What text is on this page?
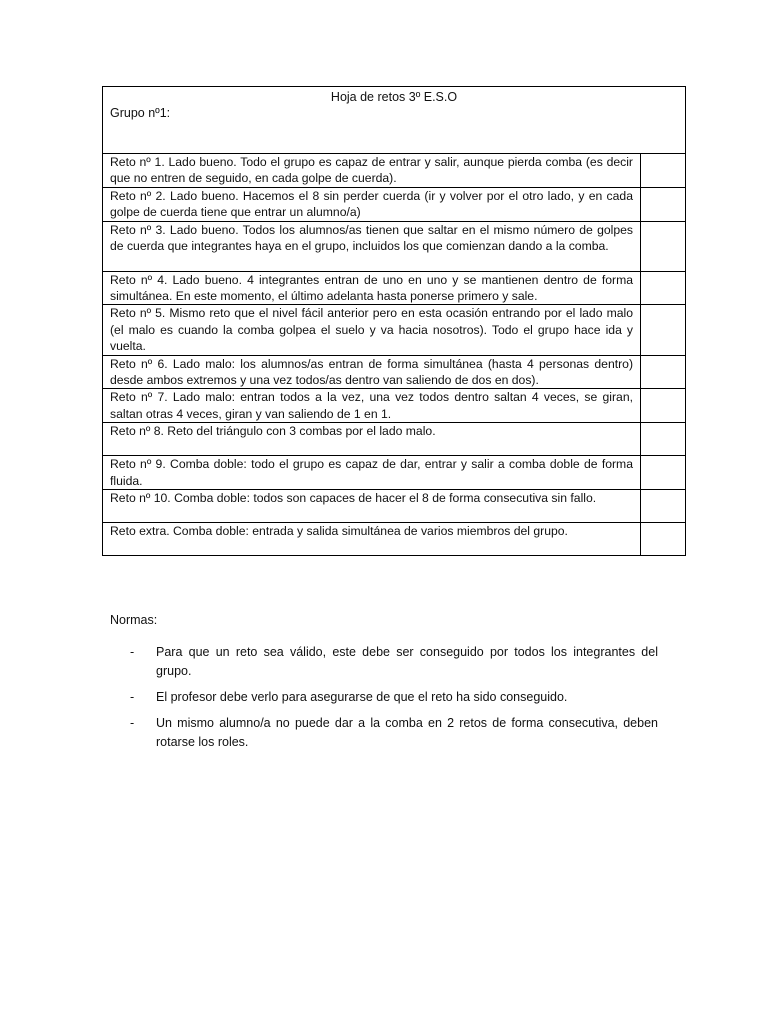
Hoja de retos 3º E.S.O
Grupo nº1:	

Reto nº 1. Lado bueno. Todo el grupo es capaz de entrar y salir, aunque pierda comba (es decir que no entren de seguido, en cada golpe de cuerda).	
Reto nº 2. Lado bueno. Hacemos el 8 sin perder cuerda (ir y volver por el otro lado, y en cada golpe de cuerda tiene que entrar un alumno/a)	
Reto nº 3. Lado bueno. Todos los alumnos/as tienen que saltar en el mismo número de golpes de cuerda que integrantes haya en el grupo, incluidos los que comienzan dando a la comba.	
Reto nº 4. Lado bueno. 4 integrantes entran de uno en uno y se mantienen dentro de forma simultánea. En este momento, el último adelanta hasta ponerse primero y sale.	
Reto nº 5. Mismo reto que el nivel fácil anterior pero en esta ocasión entrando por el lado malo (el malo es cuando la comba golpea el suelo y va hacia nosotros). Todo el grupo hace ida y vuelta.	
Reto nº 6. Lado malo: los alumnos/as entran de forma simultánea (hasta 4 personas dentro) desde ambos extremos y una vez todos/as dentro van saliendo de dos en dos).	
Reto nº 7. Lado malo: entran todos a la vez, una vez todos dentro saltan 4 veces, se giran, saltan otras 4 veces, giran y van saliendo de 1 en 1.	
Reto nº 8. Reto del triángulo con 3 combas por el lado malo.	
Reto nº 9. Comba doble: todo el grupo es capaz de dar, entrar y salir a comba doble de forma fluida.	
Reto nº 10. Comba doble: todos son capaces de hacer el 8 de forma consecutiva sin fallo.	
Reto extra. Comba doble: entrada y salida simultánea de varios miembros del grupo.	
Normas:
- Para que un reto sea válido, este debe ser conseguido por todos los integrantes del grupo.
- El profesor debe verlo para asegurarse de que el reto ha sido conseguido.
- Un mismo alumno/a no puede dar a la comba en 2 retos de forma consecutiva, deben rotarse los roles.
